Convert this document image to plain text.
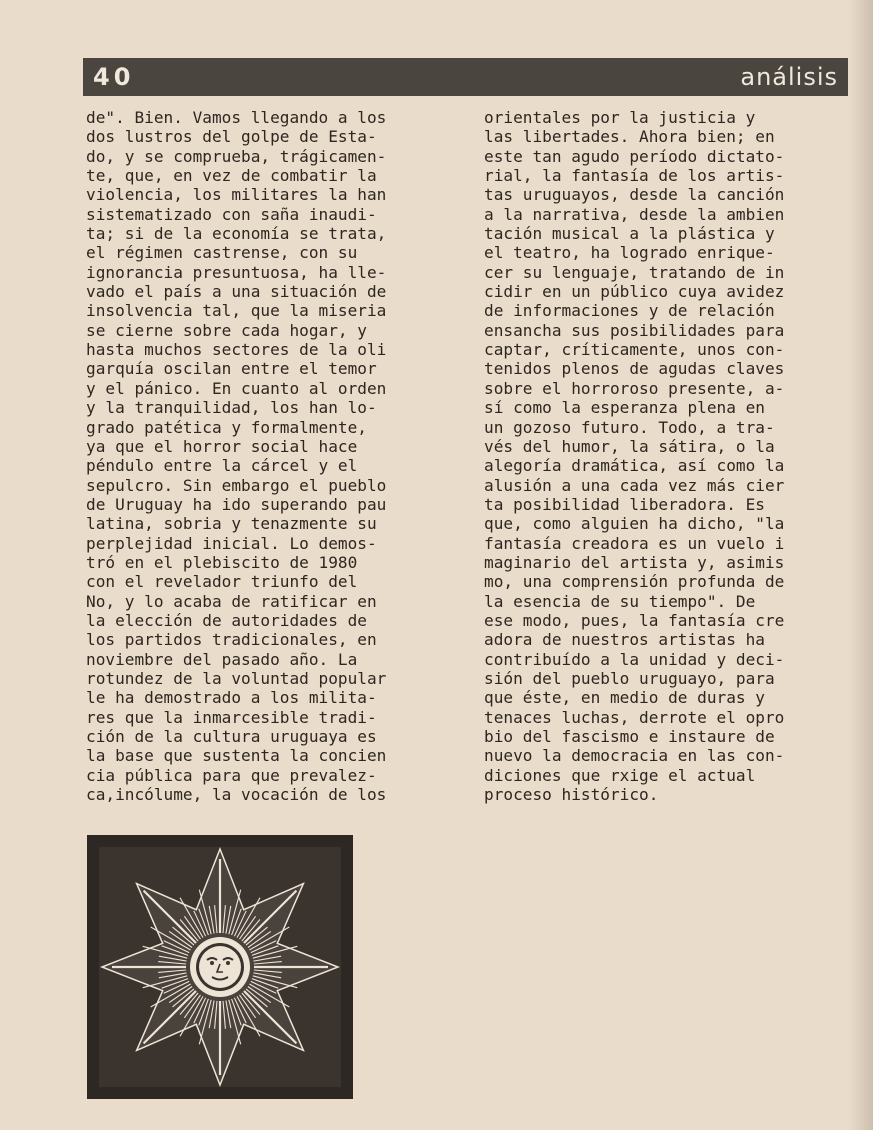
40	análisis
de". Bien. Vamos llegando a los
dos lustros del golpe de Esta-
do, y se comprueba, trágicamen-
te, que, en vez de combatir la
violencia, los militares la han
sistematizado con saña inaudi-
ta; si de la economía se trata,
el régimen castrense, con su
ignorancia presuntuosa, ha lle-
vado el país a una situación de
insolvencia tal, que la miseria
se cierne sobre cada hogar, y
hasta muchos sectores de la oli
garquía oscilan entre el temor
y el pánico. En cuanto al orden
y la tranquilidad, los han lo-
grado patética y formalmente,
ya que el horror social hace
péndulo entre la cárcel y el
sepulcro. Sin embargo el pueblo
de Uruguay ha ido superando pau
latina, sobria y tenazmente su
perplejidad inicial. Lo demos-
tró en el plebiscito de 1980
con el revelador triunfo del
No, y lo acaba de ratificar en
la elección de autoridades de
los partidos tradicionales, en
noviembre del pasado año. La
rotundez de la voluntad popular
le ha demostrado a los milita-
res que la inmarcesible tradi-
ción de la cultura uruguaya es
la base que sustenta la concien
cia pública para que prevalez-
ca,incólume, la vocación de los
orientales por la justicia y
las libertades. Ahora bien; en
este tan agudo período dictato-
rial, la fantasía de los artis-
tas uruguayos, desde la canción
a la narrativa, desde la ambien
tación musical a la plástica y
el teatro, ha logrado enrique-
cer su lenguaje, tratando de in
cidir en un público cuya avidez
de informaciones y de relación
ensancha sus posibilidades para
captar, críticamente, unos con-
tenidos plenos de agudas claves
sobre el horroroso presente, a-
sí como la esperanza plena en
un gozoso futuro. Todo, a tra-
vés del humor, la sátira, o la
alegoría dramática, así como la
alusión a una cada vez más cier
ta posibilidad liberadora. Es
que, como alguien ha dicho, "la
fantasía creadora es un vuelo i
maginario del artista y, asimis
mo, una comprensión profunda de
la esencia de su tiempo". De
ese modo, pues, la fantasía cre
adora de nuestros artistas ha
contribuído a la unidad y deci-
sión del pueblo uruguayo, para
que éste, en medio de duras y
tenaces luchas, derrote el opro
bio del fascismo e instaure de
nuevo la democracia en las con-
diciones que rxige el actual
proceso histórico.
